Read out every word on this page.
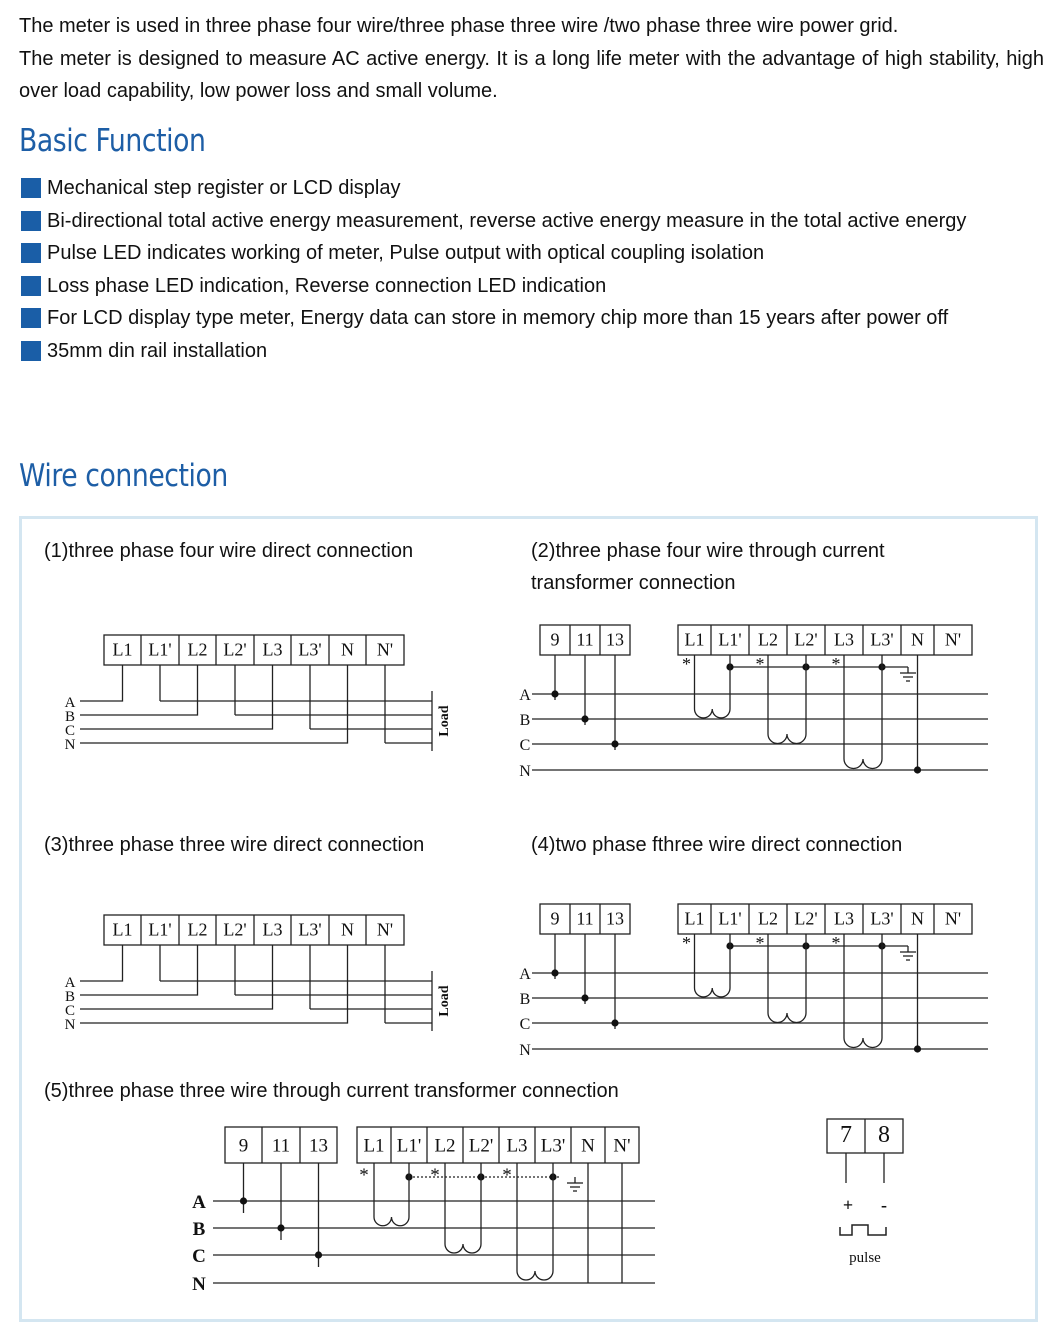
The meter is used in three phase four wire/three phase three wire /two phase three wire power grid.

The meter is designed to measure AC active energy. It is a long life meter with the advantage of high stability, high over load capability, low power loss and small volume.

Basic Function
Mechanical step register or LCD display
Bi-directional total active energy measurement, reverse active energy measure in the total active energy
Pulse LED indicates working of meter, Pulse output with optical coupling isolation
Loss phase LED indication, Reverse connection LED indication
For LCD display type meter, Energy data can store in memory chip more than 15 years after power off
35mm din rail installation
Wire connection
(1)three phase four wire direct connection	(2)three phase four wire through current
transformer connection
(3)three phase three wire direct connection	(4)two phase fthree wire direct connection
(5)three phase three wire through current transformer connection
L1 L1' L2 L2' L3 L3' N N'
A
B
C
N
Load
L1 L1' L2 L2' L3 L3' N N'
A
B
C
N
Load
9 11 13	L1 L1' L2 L2' L3 L3' N N'
A
B
C
N
*	*	*
9 11 13	L1 L1' L2 L2' L3 L3' N N'
A
B
C
N
*	*	*
9 11 13 L1 L1' L2 L2' L3 L3' N N'
A
B
C
N
*	*	*
7 8
+ -
pulse
